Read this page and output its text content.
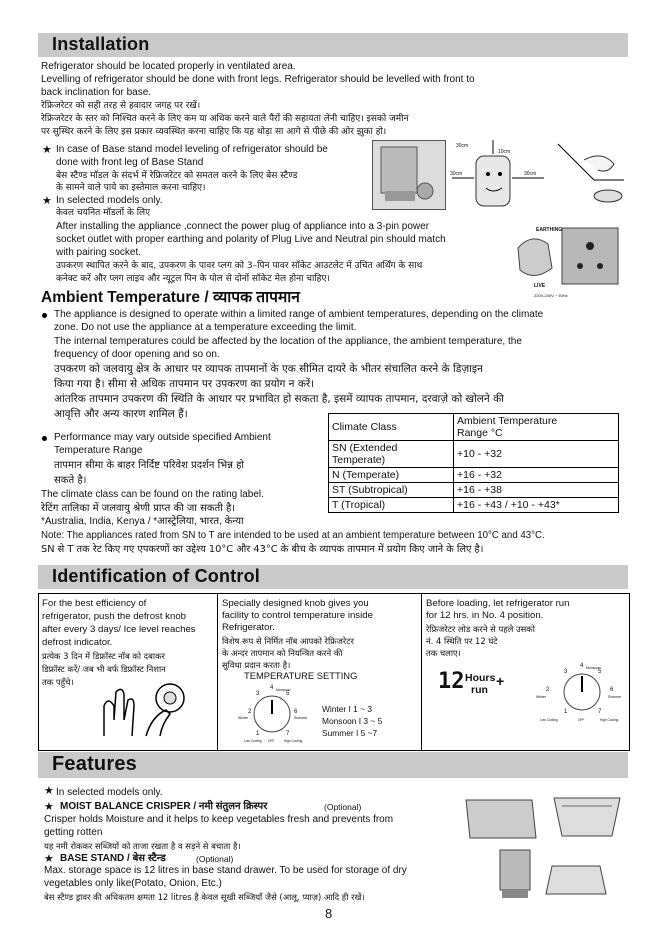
Installation
Refrigerator should be located properly in ventilated area.
Levelling of refrigerator should be done with front legs. Refrigerator should be levelled with front to
back inclination for base.
रेफ्रिजरेटर को सही तरह से हवादार जगह पर रखें।
रेफ्रिजरेटर के स्तर को निश्चित करने के लिए कम या अधिक करने वाले पैरों की सहायता लेनी चाहिए। इसको जमीन
पर सुस्थिर करने के लिए इस प्रकार व्यवस्थित करना चाहिए कि यह थोड़ा सा आगे से पीछे की ओर झुका हो।
★ In case of Base stand model leveling of refrigerator should be
done with front leg of Base Stand
बेस स्टैण्ड मॉडल के संदर्भ में रेफ्रिजरेटर को समतल करने के लिए बेस स्टैण्ड
के सामने वाले पाये का इस्तेमाल करना चाहिए।
★ In selected models only.
केवल चयनित मॉडलों के लिए
After installing the appliance ,connect the power plug of appliance into a 3-pin power
socket outlet with proper earthing and polarity of Plug Live and Neutral pin should match
with pairing socket.
उपकरण स्थापित करने के बाद, उपकरण के पावर प्लग को 3–पिन पावर सॉकेट आउटलेट में उचित अर्थिंग के साथ
कनेक्ट करें और प्लग लाइव और न्यूट्रल पिन के पोल से दोनों सॉकेट मेल होना चाहिए।
30cm
10cm
30cm	30cm
EARTHING
LIVE
220V-240V ~ 50Hz
Ambient Temperature / व्यापक तापमान
The appliance is designed to operate within a limited range of ambient temperatures, depending on the climate
zone. Do not use the appliance at a temperature exceeding the limit.
The internal temperatures could be affected by the location of the appliance, the ambient temperature, the
frequency of door opening and so on.
उपकरण को जलवायु क्षेत्र के आधार पर व्यापक तापमानों के एक सीमित दायरे के भीतर संचालित करने के डिज़ाइन
किया गया है। सीमा से अधिक तापमान पर उपकरण का प्रयोग न करें।
आंतरिक तापमान उपकरण की स्थिति के आधार पर प्रभावित हो सकता है, इसमें व्यापक तापमान, दरवाज़े को खोलने की
आवृत्ति और अन्य कारण शामिल हैं।
Performance may vary outside specified Ambient
Temperature Range
तापमान सीमा के बाहर निर्दिष्ट परिवेश प्रदर्शन भिन्न हो
सकते है।
The climate class can be found on the rating label.
रेटिंग तालिका में जलवायु श्रेणी प्राप्त की जा सकती है।
*Australia, India, Kenya / *आस्ट्रेलिया, भारत, केन्या
Climate Class	Ambient Temperature
Range °C
SN (Extended
Temperate)	+10 - +32
N (Temperate)	+16 - +32
ST (Subtropical)	+16 - +38
T (Tropical)	+16 - +43 / +10 - +43*
Note: The appliances rated from SN to T are intended to be used at an ambient temperature between 10°C and 43°C.
SN से T तक रेट किए गए एपकरणों का उद्देश्य 10°C और 43°C के बीच के व्यापक तापमान में प्रयोग किए जाने के लिए है।
Identification of Control
For the best efficiency of
refrigerator, push the defrost knob
after every 3 days/ Ice level reaches
defrost indicator.
प्रत्येक 3 दिन में डिफ्रॉस्ट नॉब को दबाकर
डिफ्रॉस्ट करें/ जब भी बर्फ डिफ्रॉस्ट निशान
तक पहुँचे।
Specially designed knob gives you
facility to control temperature inside
Refrigerator.
विशेष रूप से निर्मित नॉब आपको रेफ्रिजरेटर
के अन्दर तापमान को नियन्त्रित करने की
सुविधा प्रदान करता है।
TEMPERATURE SETTING
4 Monsoon
3	5
2
Winter
6
Summer
1	7
Low Cooling OFF	High Cooling
Winter I 1 ~ 3
Monsoon I 3 ~ 5
Summer I 5 ~7
Before loading, let refrigerator run
for 12 hrs. in No. 4 position.
रेफ्रिजरेटर लोड करने से पहले उसको
नं. 4 स्थिति पर 12 घंटे
तक चलाए।
12 Hours
run
+
4 Monsoon
3	5
2
Winter
6
Summer
1	7
Low Cooling	OFF	High Cooling
Features
★ In selected models only.
★ MOIST BALANCE CRISPER / नमी संतुलन क्रिस्पर	(Optional)
Crisper holds Moisture and it helps to keep vegetables fresh and prevents from
getting rotten
यह नमी रोककर सब्जियों को ताजा रखता है व सड़ने से बचाता है।
★ BASE STAND / बेस स्टैन्ड	(Optional)
Max. storage space is 12 litres in base stand drawer. To be used for storage of dry
vegetables only like(Potato, Onion, Etc.)
बेस स्टैण्ड ड्रावर की अधिकतम क्षमता 12 litres है केवल सूखी सब्जियॉं जैसे (आलू, प्याज़) आदि ही रखें।
8
